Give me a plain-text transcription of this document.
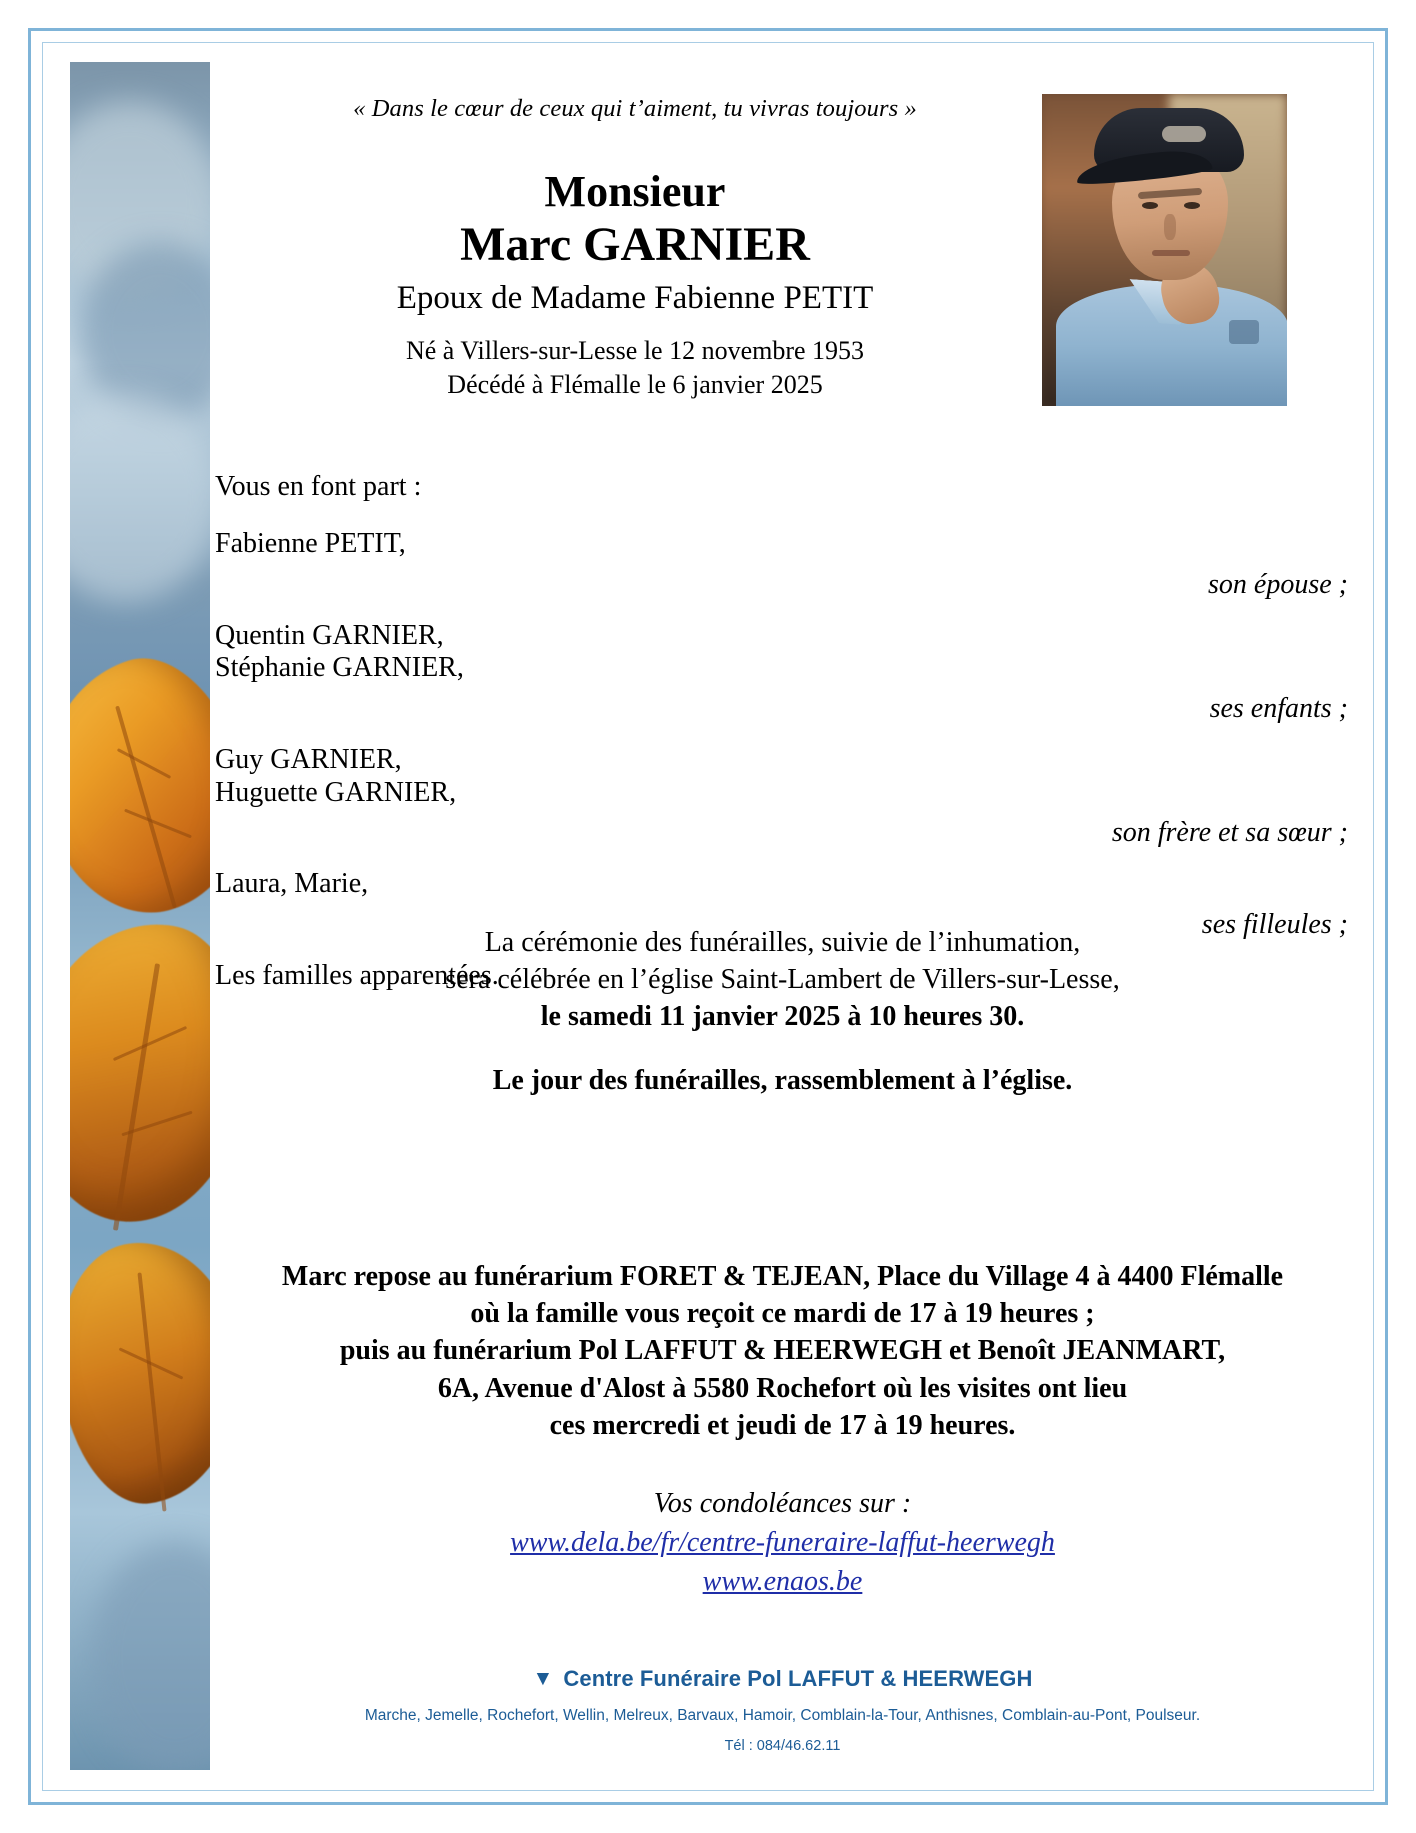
« Dans le cœur de ceux qui t’aiment, tu vivras toujours »
Monsieur
Marc GARNIER
Epoux de Madame Fabienne PETIT
Né à Villers-sur-Lesse le 12 novembre 1953
Décédé à Flémalle le 6 janvier 2025
Vous en font part :
Fabienne PETIT,
son épouse ;
Quentin GARNIER,
Stéphanie GARNIER,
ses enfants ;
Guy GARNIER,
Huguette GARNIER,
son frère et sa sœur ;
Laura, Marie,
ses filleules ;
Les familles apparentées.
La cérémonie des funérailles, suivie de l’inhumation,
sera célébrée en l’église Saint-Lambert de Villers-sur-Lesse,
le samedi 11 janvier 2025 à 10 heures 30.
Le jour des funérailles, rassemblement à l’église.
Marc repose au funérarium FORET & TEJEAN, Place du Village 4 à 4400 Flémalle
où la famille vous reçoit ce mardi de 17 à 19 heures ;
puis au funérarium Pol LAFFUT & HEERWEGH et Benoît JEANMART,
6A, Avenue d'Alost à 5580 Rochefort où les visites ont lieu
ces mercredi et jeudi de 17 à 19 heures.
Vos condoléances sur :
www.dela.be/fr/centre-funeraire-laffut-heerwegh
www.enaos.be
▼ Centre Funéraire Pol LAFFUT & HEERWEGH
Marche, Jemelle, Rochefort, Wellin, Melreux, Barvaux, Hamoir, Comblain-la-Tour, Anthisnes, Comblain-au-Pont, Poulseur.
Tél : 084/46.62.11
